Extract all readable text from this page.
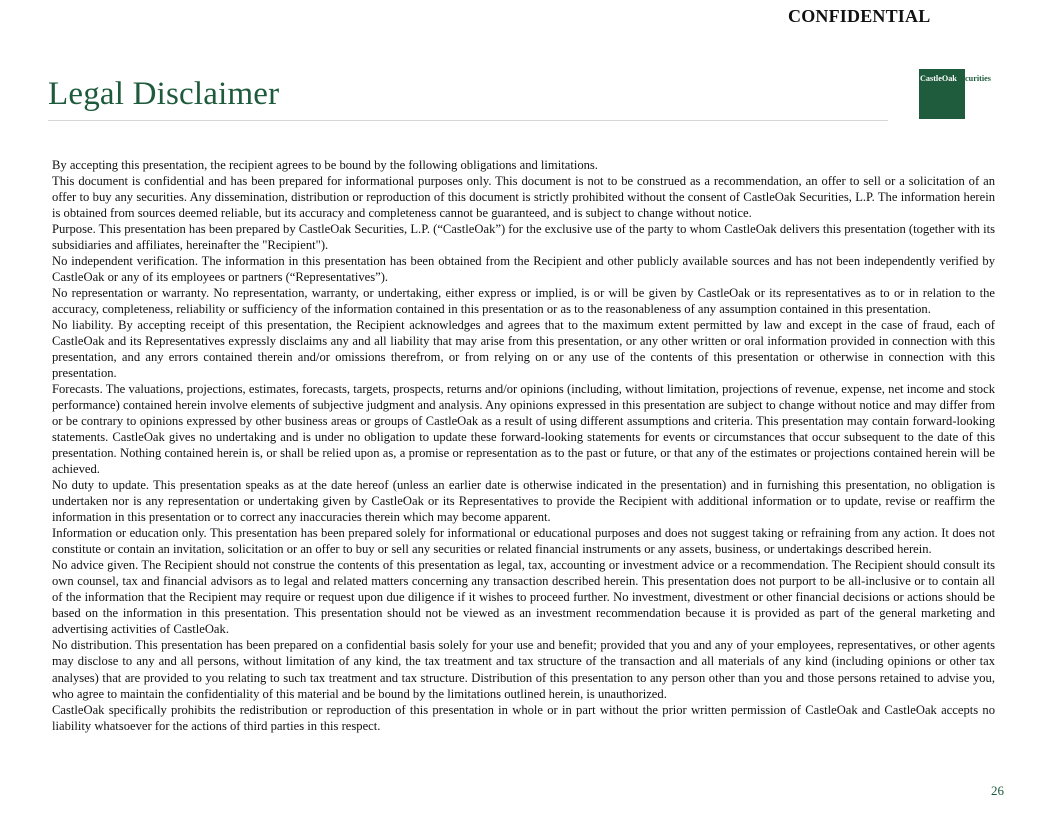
CONFIDENTIAL
Legal Disclaimer	CastleOakSecurities

By accepting this presentation, the recipient agrees to be bound by the following obligations and limitations.

This document is confidential and has been prepared for informational purposes only. This document is not to be construed as a recommendation, an offer to sell or a solicitation of an offer to buy any securities. Any dissemination, distribution or reproduction of this document is strictly prohibited without the consent of CastleOak Securities, L.P. The information herein is obtained from sources deemed reliable, but its accuracy and completeness cannot be guaranteed, and is subject to change without notice.

Purpose. This presentation has been prepared by CastleOak Securities, L.P. (“CastleOak”) for the exclusive use of the party to whom CastleOak delivers this presentation (together with its subsidiaries and affiliates, hereinafter the "Recipient").

No independent verification. The information in this presentation has been obtained from the Recipient and other publicly available sources and has not been independently verified by CastleOak or any of its employees or partners (“Representatives”).

No representation or warranty. No representation, warranty, or undertaking, either express or implied, is or will be given by CastleOak or its representatives as to or in relation to the accuracy, completeness, reliability or sufficiency of the information contained in this presentation or as to the reasonableness of any assumption contained in this presentation.

No liability. By accepting receipt of this presentation, the Recipient acknowledges and agrees that to the maximum extent permitted by law and except in the case of fraud, each of CastleOak and its Representatives expressly disclaims any and all liability that may arise from this presentation, or any other written or oral information provided in connection with this presentation, and any errors contained therein and/or omissions therefrom, or from relying on or any use of the contents of this presentation or otherwise in connection with this presentation.

Forecasts. The valuations, projections, estimates, forecasts, targets, prospects, returns and/or opinions (including, without limitation, projections of revenue, expense, net income and stock performance) contained herein involve elements of subjective judgment and analysis. Any opinions expressed in this presentation are subject to change without notice and may differ from or be contrary to opinions expressed by other business areas or groups of CastleOak as a result of using different assumptions and criteria. This presentation may contain forward-looking statements. CastleOak gives no undertaking and is under no obligation to update these forward-looking statements for events or circumstances that occur subsequent to the date of this presentation. Nothing contained herein is, or shall be relied upon as, a promise or representation as to the past or future, or that any of the estimates or projections contained herein will be achieved.

No duty to update. This presentation speaks as at the date hereof (unless an earlier date is otherwise indicated in the presentation) and in furnishing this presentation, no obligation is undertaken nor is any representation or undertaking given by CastleOak or its Representatives to provide the Recipient with additional information or to update, revise or reaffirm the information in this presentation or to correct any inaccuracies therein which may become apparent.

Information or education only. This presentation has been prepared solely for informational or educational purposes and does not suggest taking or refraining from any action. It does not constitute or contain an invitation, solicitation or an offer to buy or sell any securities or related financial instruments or any assets, business, or undertakings described herein.

No advice given. The Recipient should not construe the contents of this presentation as legal, tax, accounting or investment advice or a recommendation. The Recipient should consult its own counsel, tax and financial advisors as to legal and related matters concerning any transaction described herein. This presentation does not purport to be all-inclusive or to contain all of the information that the Recipient may require or request upon due diligence if it wishes to proceed further. No investment, divestment or other financial decisions or actions should be based on the information in this presentation. This presentation should not be viewed as an investment recommendation because it is provided as part of the general marketing and advertising activities of CastleOak.

No distribution. This presentation has been prepared on a confidential basis solely for your use and benefit; provided that you and any of your employees, representatives, or other agents may disclose to any and all persons, without limitation of any kind, the tax treatment and tax structure of the transaction and all materials of any kind (including opinions or other tax analyses) that are provided to you relating to such tax treatment and tax structure. Distribution of this presentation to any person other than you and those persons retained to advise you, who agree to maintain the confidentiality of this material and be bound by the limitations outlined herein, is unauthorized.

CastleOak specifically prohibits the redistribution or reproduction of this presentation in whole or in part without the prior written permission of CastleOak and CastleOak accepts no liability whatsoever for the actions of third parties in this respect.

26
